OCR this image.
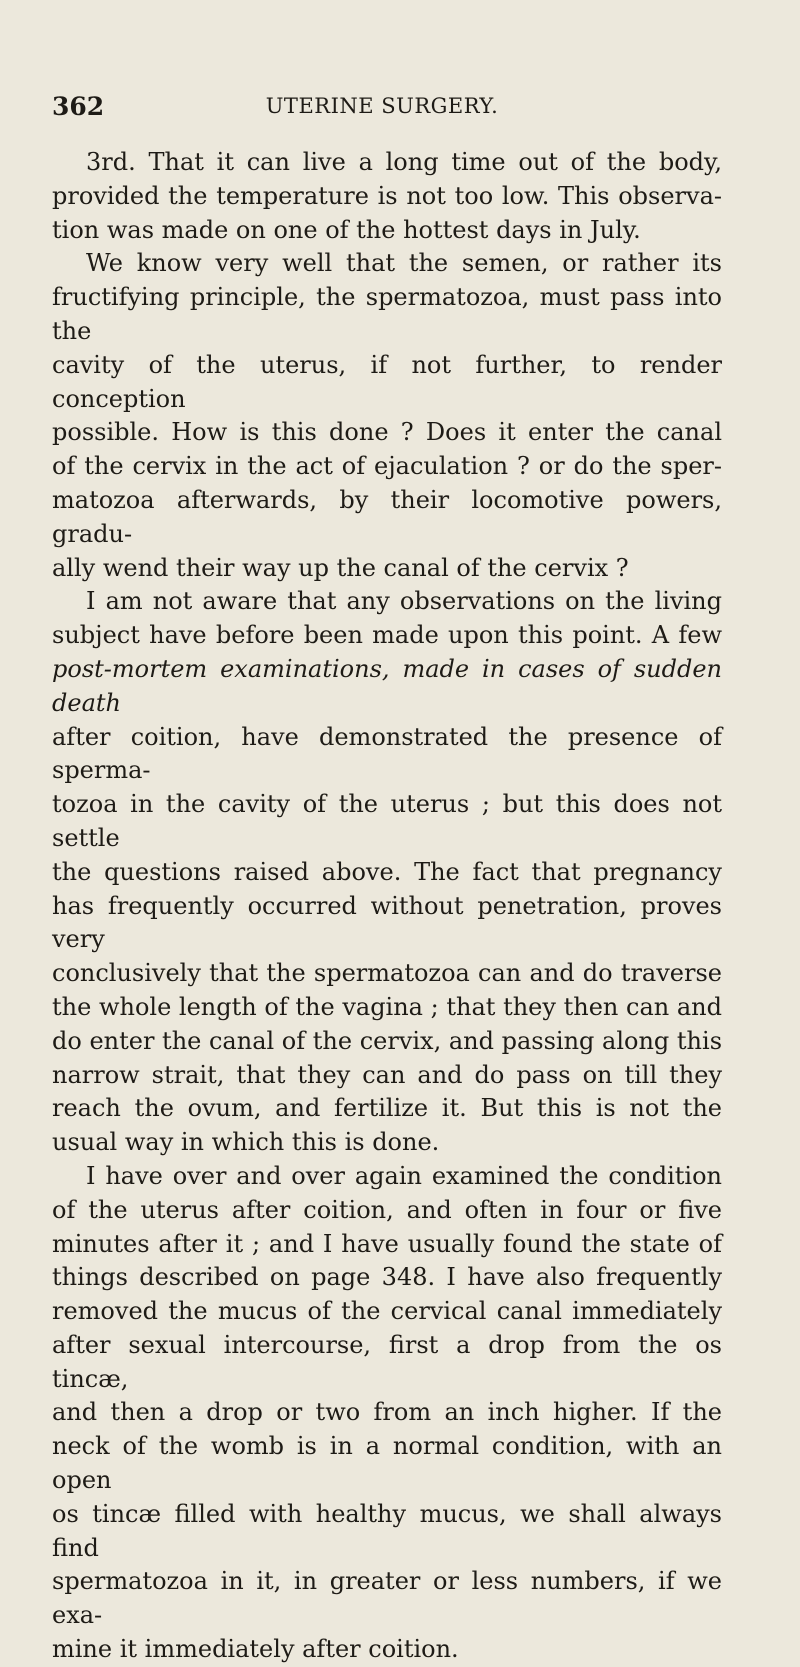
362	UTERINE SURGERY.

3rd. That it can live a long time out of the body,
provided the temperature is not too low. This observa-
tion was made on one of the hottest days in July.

We know very well that the semen, or rather its
fructifying principle, the spermatozoa, must pass into the
cavity of the uterus, if not further, to render conception
possible. How is this done ? Does it enter the canal
of the cervix in the act of ejaculation ? or do the sper-
matozoa afterwards, by their locomotive powers, gradu-
ally wend their way up the canal of the cervix ?

I am not aware that any observations on the living
subject have before been made upon this point. A few
post-mortem examinations, made in cases of sudden death
after coition, have demonstrated the presence of sperma-
tozoa in the cavity of the uterus ; but this does not settle
the questions raised above. The fact that pregnancy
has frequently occurred without penetration, proves very
conclusively that the spermatozoa can and do traverse
the whole length of the vagina ; that they then can and
do enter the canal of the cervix, and passing along this
narrow strait, that they can and do pass on till they
reach the ovum, and fertilize it. But this is not the
usual way in which this is done.

I have over and over again examined the condition
of the uterus after coition, and often in four or five
minutes after it ; and I have usually found the state of
things described on page 348. I have also frequently
removed the mucus of the cervical canal immediately
after sexual intercourse, first a drop from the os tincæ,
and then a drop or two from an inch higher. If the
neck of the womb is in a normal condition, with an open
os tincæ filled with healthy mucus, we shall always find
spermatozoa in it, in greater or less numbers, if we exa-
mine it immediately after coition.
